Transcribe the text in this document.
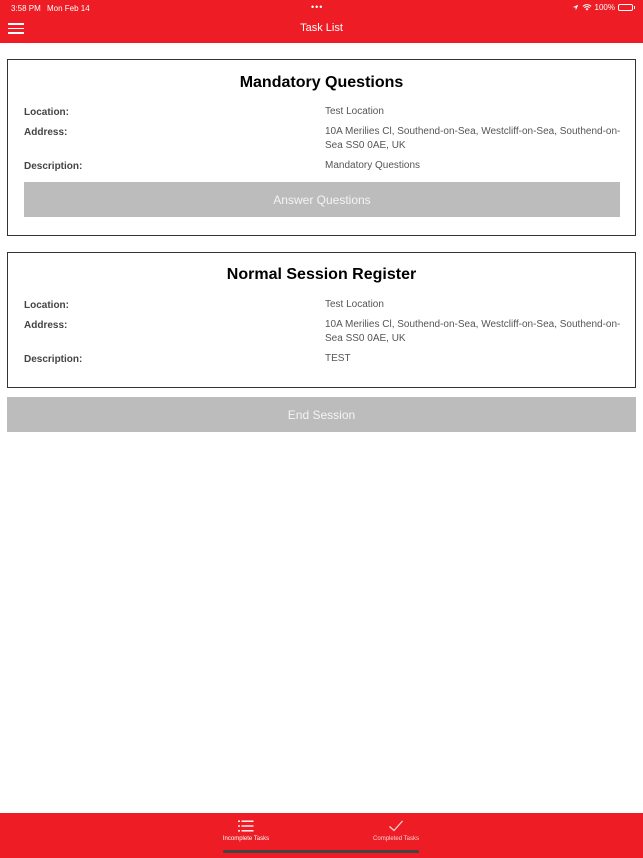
3:58 PM Mon Feb 14	•••	100%
Task List
Mandatory Questions
Location:	Test Location
Address:	10A Merilies Cl, Southend-on-Sea, Westcliff-on-Sea, Southend-on-Sea SS0 0AE, UK
Description:	Mandatory Questions
Answer Questions
Normal Session Register
Location:	Test Location
Address:	10A Merilies Cl, Southend-on-Sea, Westcliff-on-Sea, Southend-on-Sea SS0 0AE, UK
Description:	TEST
End Session
Incomplete Tasks	Completed Tasks
